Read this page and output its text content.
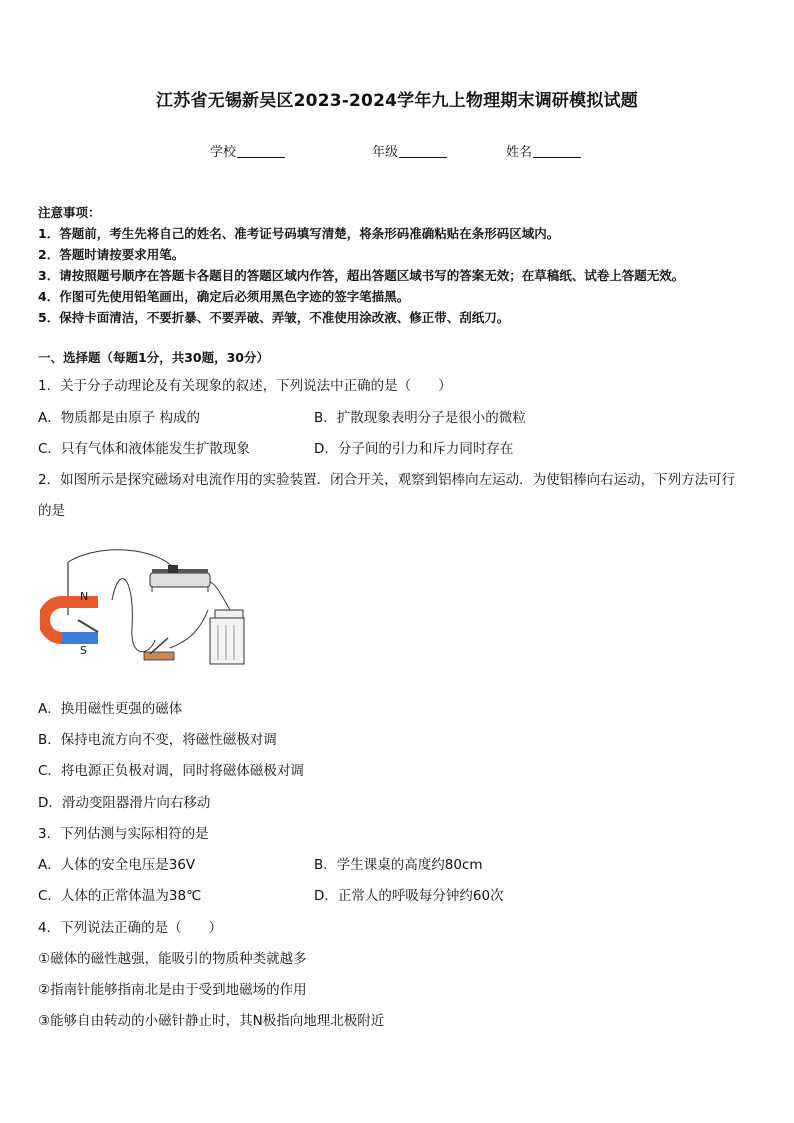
江苏省无锡新吴区2023-2024学年九上物理期末调研模拟试题
学校	年级	姓名
注意事项：
1．答题前，考生先将自己的姓名、准考证号码填写清楚，将条形码准确粘贴在条形码区域内。
2．答题时请按要求用笔。
3．请按照题号顺序在答题卡各题目的答题区域内作答，超出答题区域书写的答案无效；在草稿纸、试卷上答题无效。
4．作图可先使用铅笔画出，确定后必须用黑色字迹的签字笔描黑。
5．保持卡面清洁，不要折暴、不要弄破、弄皱，不准使用涂改液、修正带、刮纸刀。
一、选择题（每题1分，共30题，30分）
1．关于分子动理论及有关现象的叙述，下列说法中正确的是（　　）
A．物质都是由原子 构成的	B．扩散现象表明分子是很小的微粒
C．只有气体和液体能发生扩散现象	D．分子间的引力和斥力同时存在
2．如图所示是探究磁场对电流作用的实验装置．闭合开关，观察到铝棒向左运动．为使铝棒向右运动，下列方法可行
的是
N
S
A．换用磁性更强的磁体
B．保持电流方向不变，将磁性磁极对调
C．将电源正负极对调，同时将磁体磁极对调
D．滑动变阻器滑片向右移动
3．下列估测与实际相符的是
A．人体的安全电压是36V	B．学生课桌的高度约80cm
C．人体的正常体温为38℃	D．正常人的呼吸每分钟约60次
4．下列说法正确的是（　　）
①磁体的磁性越强，能吸引的物质种类就越多
②指南针能够指南北是由于受到地磁场的作用
③能够自由转动的小磁针静止时，其N极指向地理北极附近
